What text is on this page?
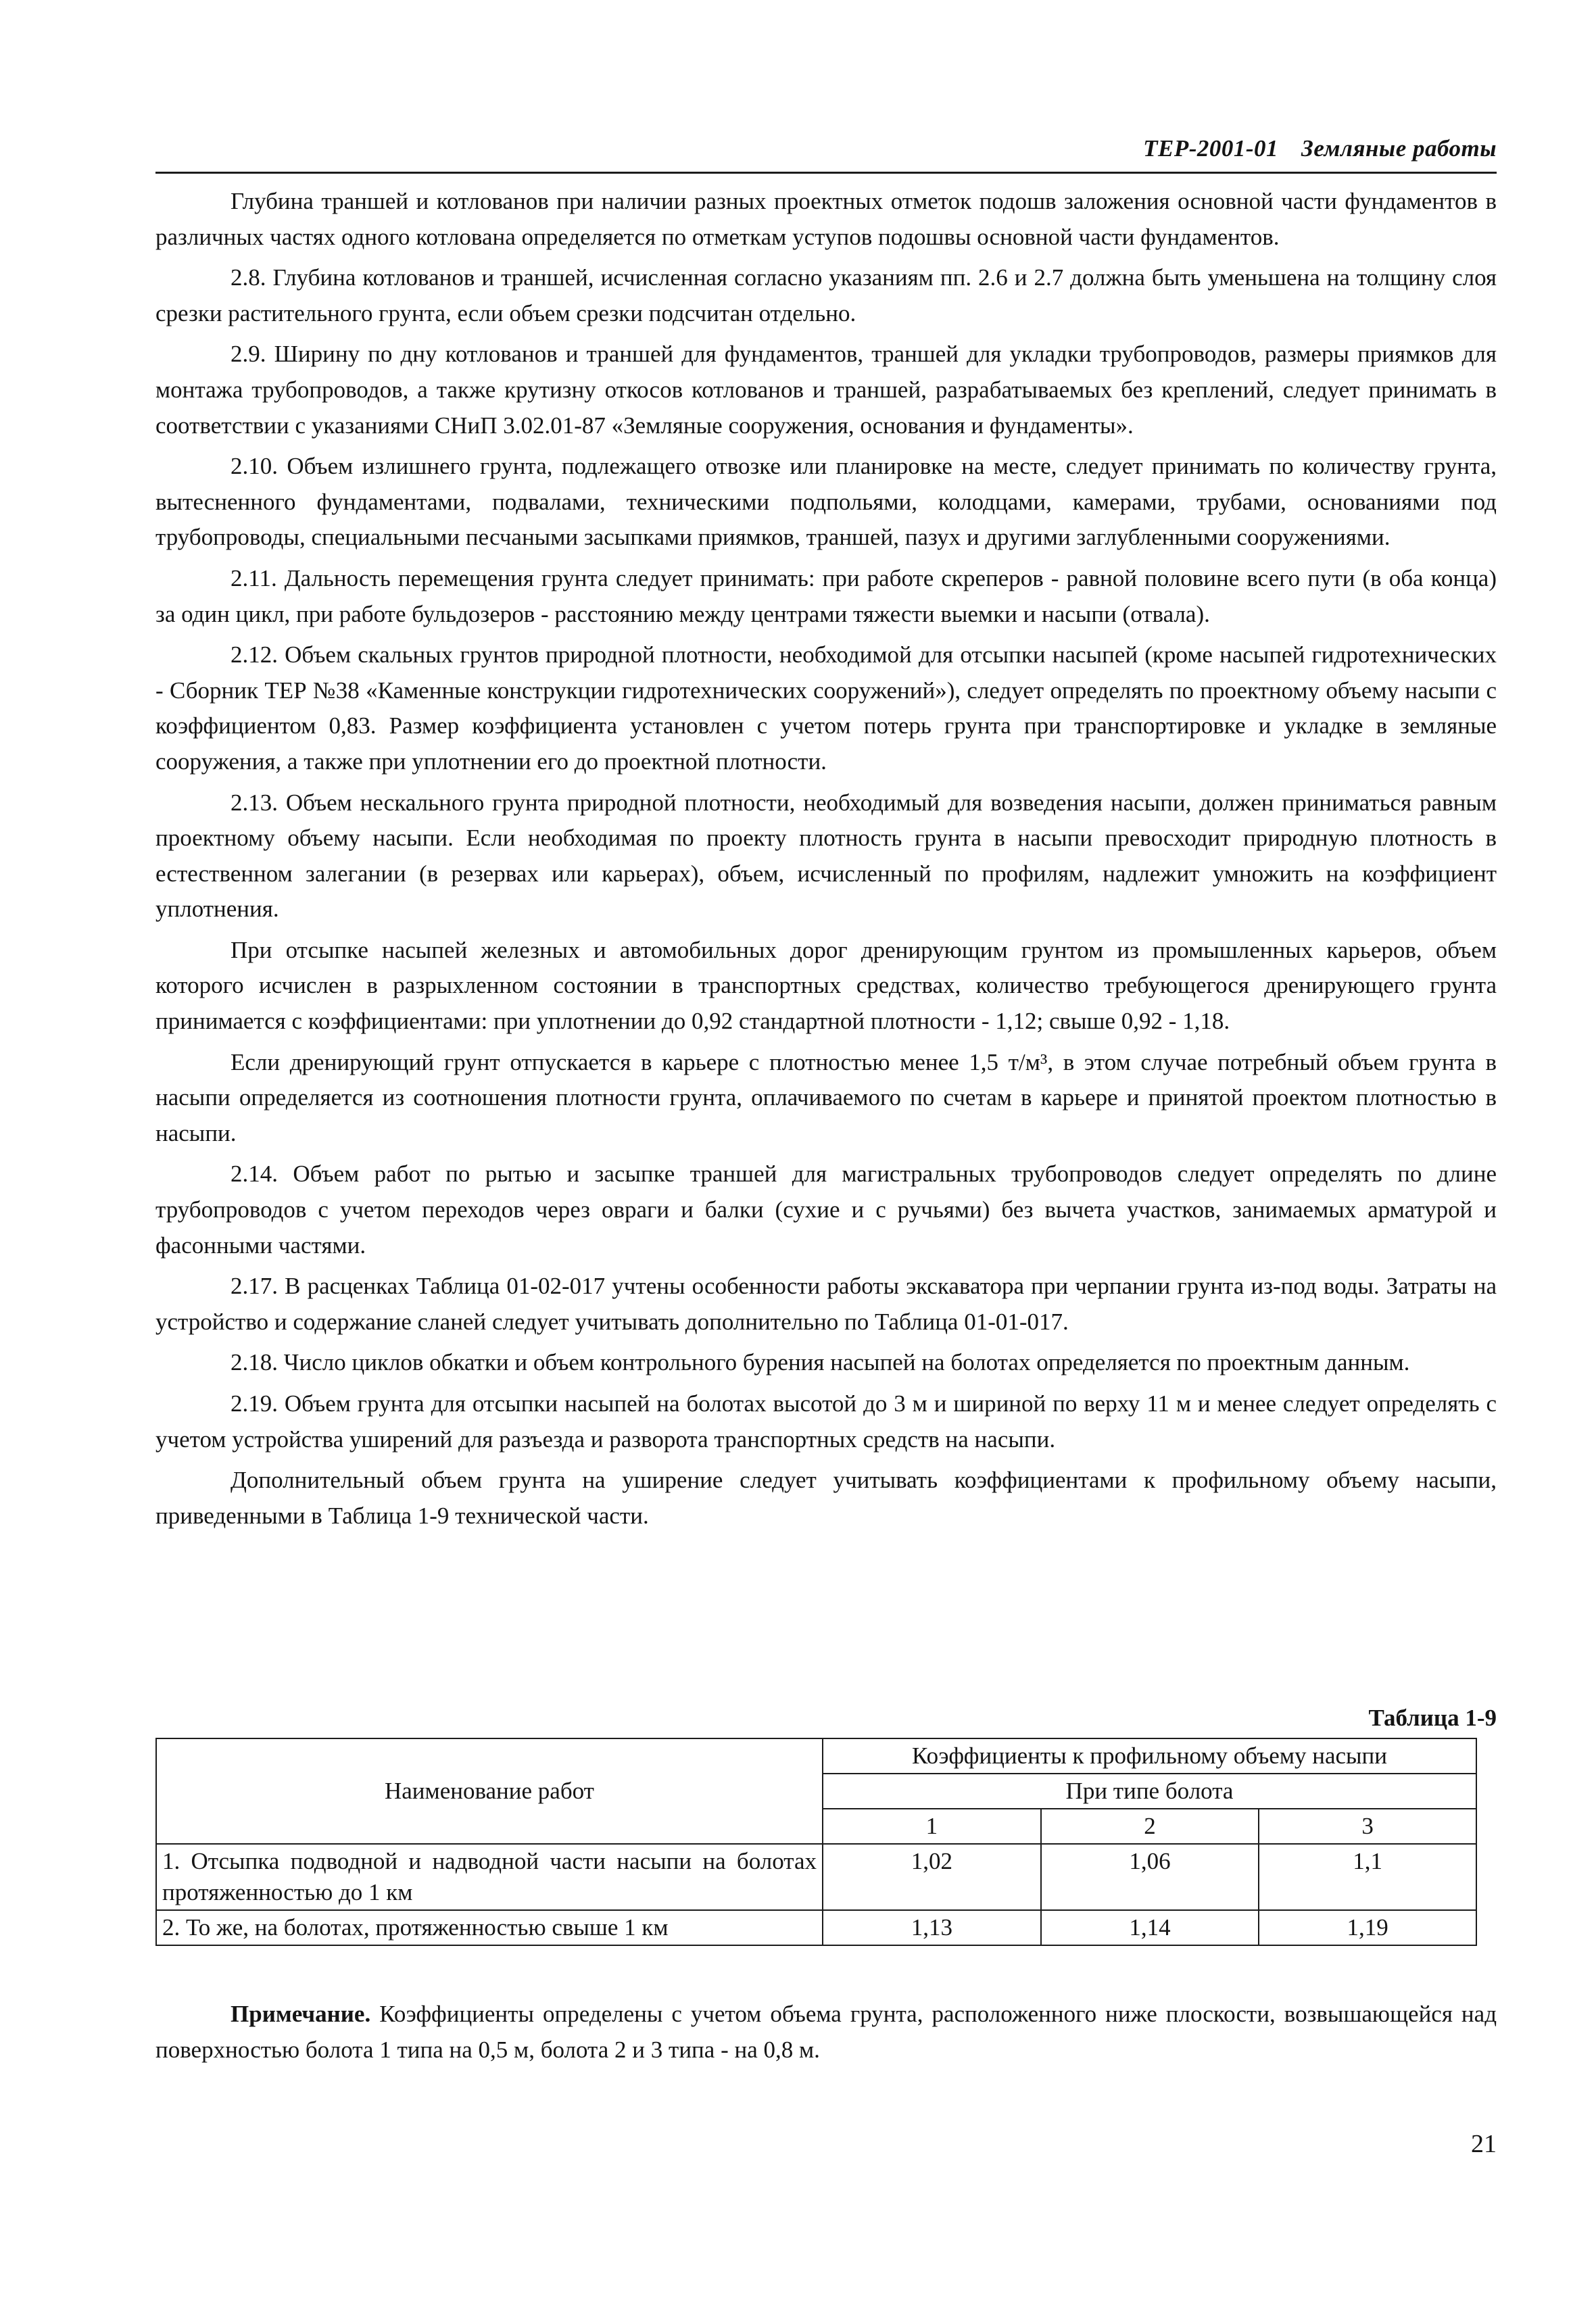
ТЕР-2001-01 Земляные работы

Глубина траншей и котлованов при наличии разных проектных отметок подошв заложения основной части фундаментов в различных частях одного котлована определяется по отметкам уступов подошвы основной части фундаментов.

2.8. Глубина котлованов и траншей, исчисленная согласно указаниям пп. 2.6 и 2.7 должна быть уменьшена на толщину слоя срезки растительного грунта, если объем срезки подсчитан отдельно.

2.9. Ширину по дну котлованов и траншей для фундаментов, траншей для укладки трубопроводов, размеры приямков для монтажа трубопроводов, а также крутизну откосов котлованов и траншей, разрабатываемых без креплений, следует принимать в соответствии с указаниями СНиП 3.02.01-87 «Земляные сооружения, основания и фундаменты».

2.10. Объем излишнего грунта, подлежащего отвозке или планировке на месте, следует принимать по количеству грунта, вытесненного фундаментами, подвалами, техническими подпольями, колодцами, камерами, трубами, основаниями под трубопроводы, специальными песчаными засыпками приямков, траншей, пазух и другими заглубленными сооружениями.

2.11. Дальность перемещения грунта следует принимать: при работе скреперов - равной половине всего пути (в оба конца) за один цикл, при работе бульдозеров - расстоянию между центрами тяжести выемки и насыпи (отвала).

2.12. Объем скальных грунтов природной плотности, необходимой для отсыпки насыпей (кроме насыпей гидротехнических - Сборник ТЕР №38 «Каменные конструкции гидротехнических сооружений»), следует определять по проектному объему насыпи с коэффициентом 0,83. Размер коэффициента установлен с учетом потерь грунта при транспортировке и укладке в земляные сооружения, а также при уплотнении его до проектной плотности.

2.13. Объем нескального грунта природной плотности, необходимый для возведения насыпи, должен приниматься равным проектному объему насыпи. Если необходимая по проекту плотность грунта в насыпи превосходит природную плотность в естественном залегании (в резервах или карьерах), объем, исчисленный по профилям, надлежит умножить на коэффициент уплотнения.

При отсыпке насыпей железных и автомобильных дорог дренирующим грунтом из промышленных карьеров, объем которого исчислен в разрыхленном состоянии в транспортных средствах, количество требующегося дренирующего грунта принимается с коэффициентами: при уплотнении до 0,92 стандартной плотности - 1,12; свыше 0,92 - 1,18.

Если дренирующий грунт отпускается в карьере с плотностью менее 1,5 т/м³, в этом случае потребный объем грунта в насыпи определяется из соотношения плотности грунта, оплачиваемого по счетам в карьере и принятой проектом плотностью в насыпи.

2.14. Объем работ по рытью и засыпке траншей для магистральных трубопроводов следует определять по длине трубопроводов с учетом переходов через овраги и балки (сухие и с ручьями) без вычета участков, занимаемых арматурой и фасонными частями.

2.17. В расценках Таблица 01-02-017 учтены особенности работы экскаватора при черпании грунта из-под воды. Затраты на устройство и содержание сланей следует учитывать дополнительно по Таблица 01-01-017.

2.18. Число циклов обкатки и объем контрольного бурения насыпей на болотах определяется по проектным данным.

2.19. Объем грунта для отсыпки насыпей на болотах высотой до 3 м и шириной по верху 11 м и менее следует определять с учетом устройства уширений для разъезда и разворота транспортных средств на насыпи.

Дополнительный объем грунта на уширение следует учитывать коэффициентами к профильному объему насыпи, приведенными в Таблица 1-9 технической части.

Таблица 1-9
Наименование работ	Коэффициенты к профильному объему насыпи		
	При типе болота		
	1	2	3
1. Отсыпка подводной и надводной части насыпи на болотах протяженностью до 1 км	1,02	1,06	1,1
2. То же, на болотах, протяженностью свыше 1 км	1,13	1,14	1,19
Примечание. Коэффициенты определены с учетом объема грунта, расположенного ниже плоскости, возвышающейся над поверхностью болота 1 типа на 0,5 м, болота 2 и 3 типа - на 0,8 м.
21
